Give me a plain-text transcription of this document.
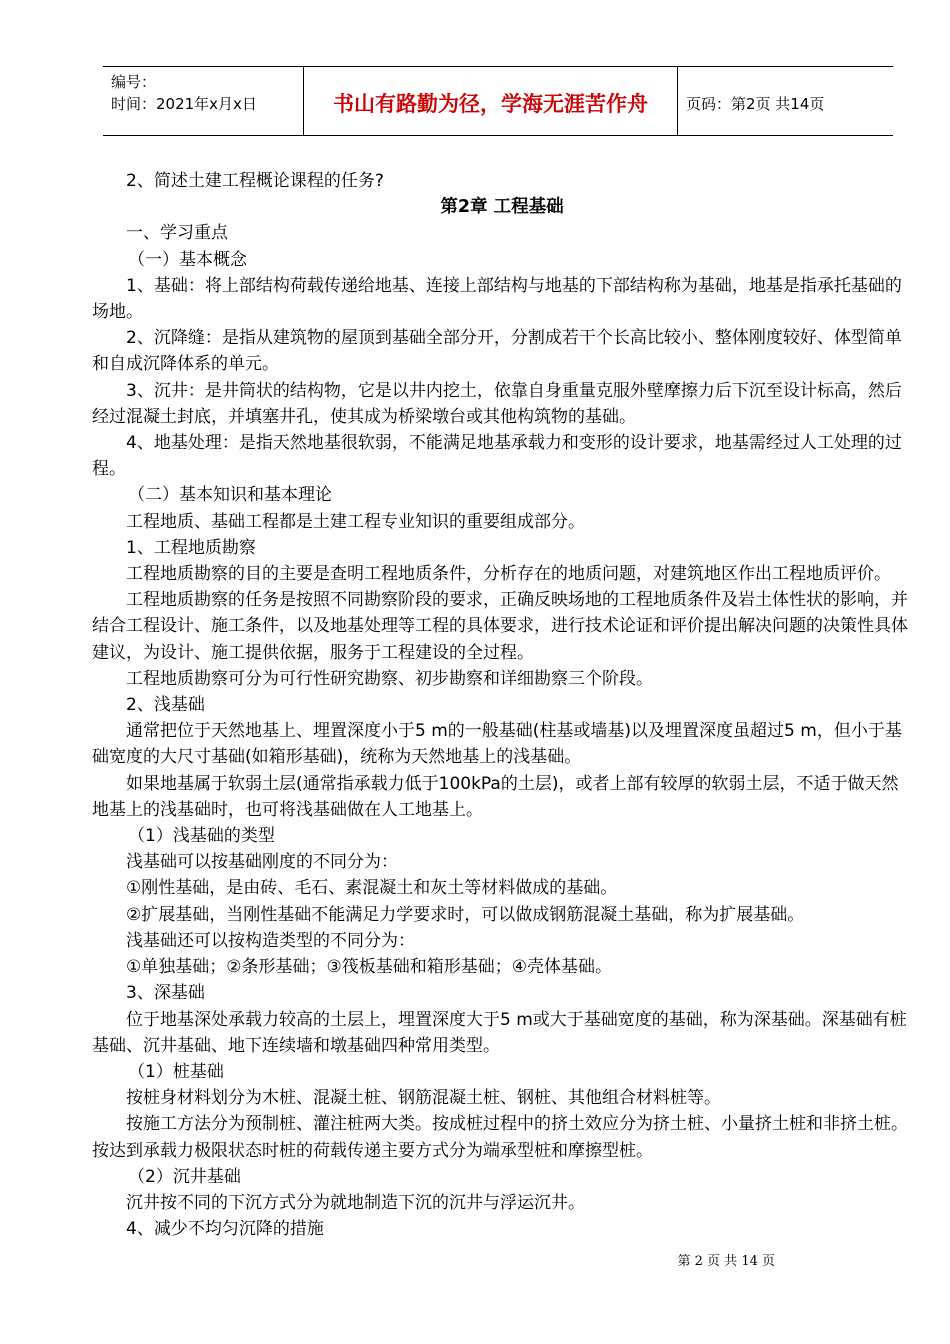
编号：
时间：2021年x月x日	书山有路勤为径，学海无涯苦作舟	页码：第2页 共14页

2、简述土建工程概论课程的任务?

第2章 工程基础

一、学习重点

（一）基本概念

1、基础：将上部结构荷载传递给地基、连接上部结构与地基的下部结构称为基础，地基是指承托基础的场地。

2、沉降缝：是指从建筑物的屋顶到基础全部分开，分割成若干个长高比较小、整体刚度较好、体型简单和自成沉降体系的单元。

3、沉井：是井筒状的结构物，它是以井内挖土，依靠自身重量克服外壁摩擦力后下沉至设计标高，然后经过混凝土封底，并填塞井孔，使其成为桥梁墩台或其他构筑物的基础。

4、地基处理：是指天然地基很软弱，不能满足地基承载力和变形的设计要求，地基需经过人工处理的过程。

（二）基本知识和基本理论

工程地质、基础工程都是土建工程专业知识的重要组成部分。

1、工程地质勘察

工程地质勘察的目的主要是查明工程地质条件，分析存在的地质问题，对建筑地区作出工程地质评价。

工程地质勘察的任务是按照不同勘察阶段的要求，正确反映场地的工程地质条件及岩土体性状的影响，并结合工程设计、施工条件，以及地基处理等工程的具体要求，进行技术论证和评价提出解决问题的决策性具体建议，为设计、施工提供依据，服务于工程建设的全过程。

工程地质勘察可分为可行性研究勘察、初步勘察和详细勘察三个阶段。

2、浅基础

通常把位于天然地基上、埋置深度小于5 m的一般基础(柱基或墙基)以及埋置深度虽超过5 m，但小于基础宽度的大尺寸基础(如箱形基础)，统称为天然地基上的浅基础。

如果地基属于软弱土层(通常指承载力低于100kPa的土层)，或者上部有较厚的软弱土层，不适于做天然地基上的浅基础时，也可将浅基础做在人工地基上。

（1）浅基础的类型

浅基础可以按基础刚度的不同分为：

①刚性基础，是由砖、毛石、素混凝土和灰土等材料做成的基础。

②扩展基础，当刚性基础不能满足力学要求时，可以做成钢筋混凝土基础，称为扩展基础。

浅基础还可以按构造类型的不同分为：

①单独基础；②条形基础；③筏板基础和箱形基础；④壳体基础。

3、深基础

位于地基深处承载力较高的土层上，埋置深度大于5 m或大于基础宽度的基础，称为深基础。深基础有桩基础、沉井基础、地下连续墙和墩基础四种常用类型。

（1）桩基础

按桩身材料划分为木桩、混凝土桩、钢筋混凝土桩、钢桩、其他组合材料桩等。

按施工方法分为预制桩、灌注桩两大类。按成桩过程中的挤土效应分为挤土桩、小量挤土桩和非挤土桩。按达到承载力极限状态时桩的荷载传递主要方式分为端承型桩和摩擦型桩。

（2）沉井基础

沉井按不同的下沉方式分为就地制造下沉的沉井与浮运沉井。

4、减少不均匀沉降的措施

第 2 页 共 14 页
